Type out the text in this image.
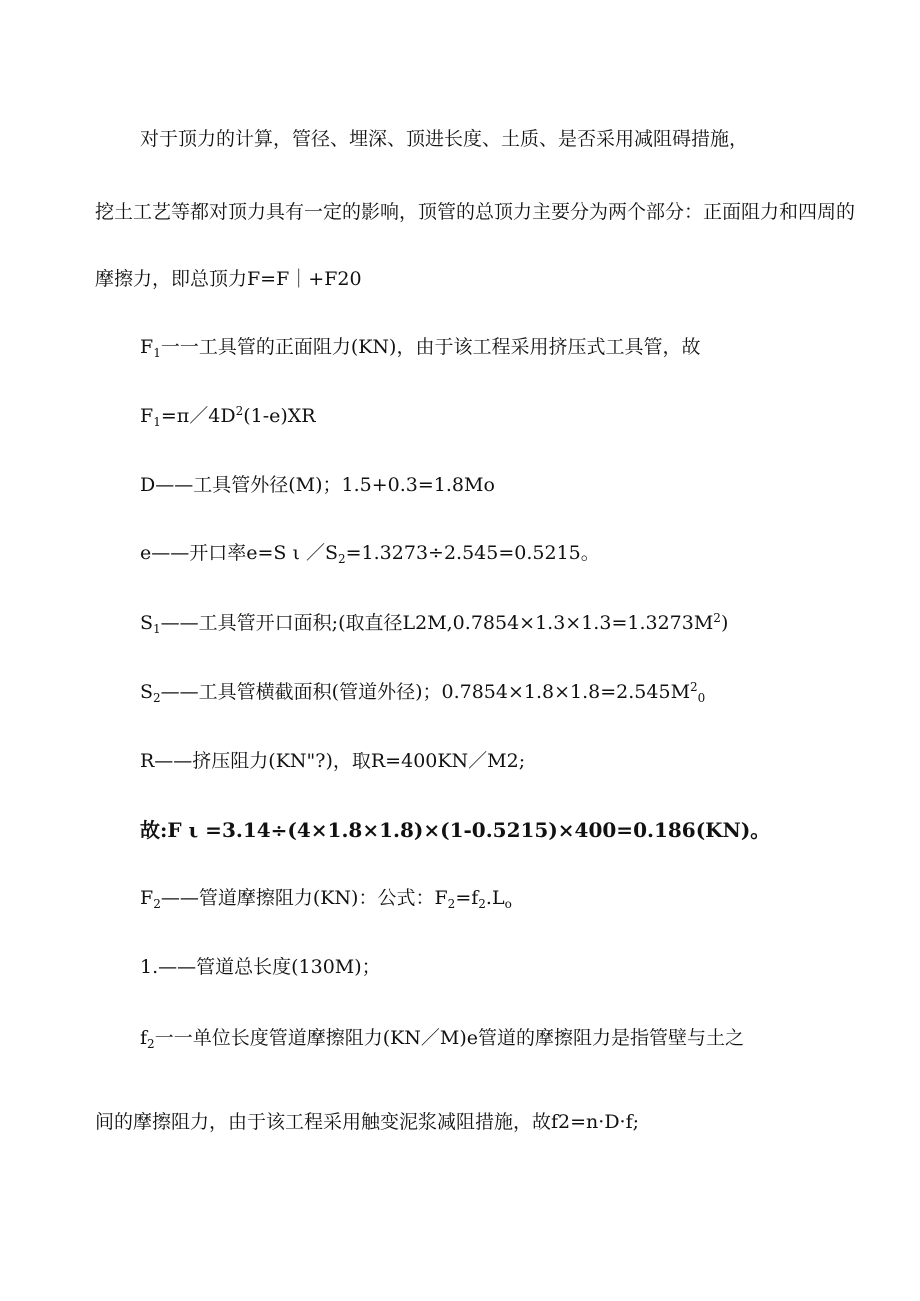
对于顶力的计算，管径、埋深、顶进长度、土质、是否采用减阻碍措施，
挖土工艺等都对顶力具有一定的影响，顶管的总顶力主要分为两个部分：正面阻力和四周的
摩擦力，即总顶力F=F｜+F20
$F_1$一一工具管的正面阻力(KN)，由于该工程采用挤压式工具管，故
$F_1=\pi/4D^2(1-e)XR$
D——工具管外径(M)；1.5+0.3=1.8Mo
e——开口率e=S ι $/S_2=1.3273\div 2.545=0.5215$。
$S_1——$工具管开口面积;(取直径$L2M,0.7854\times 1.3\times 1.3=1.3273M^2$)
$S_2——$工具管横截面积(管道外径)；$0.7854\times 1.8\times 1.8=2.545M^2_0$
R——挤压阻力(KN"?)，取R=400KN／M2;
故:F ι =3.14÷(4×1.8×1.8)×(1-0.5215)×400=0.186(KN)。
$F_2——$管道摩擦阻力(KN)：公式：$F_2=f_2.L_o$
1.——管道总长度(130M)；
$f_2$一一单位长度管道摩擦阻力(KN／M)e管道的摩擦阻力是指管壁与土之
间的摩擦阻力，由于该工程采用触变泥浆减阻措施，故f2=n·D·f;
